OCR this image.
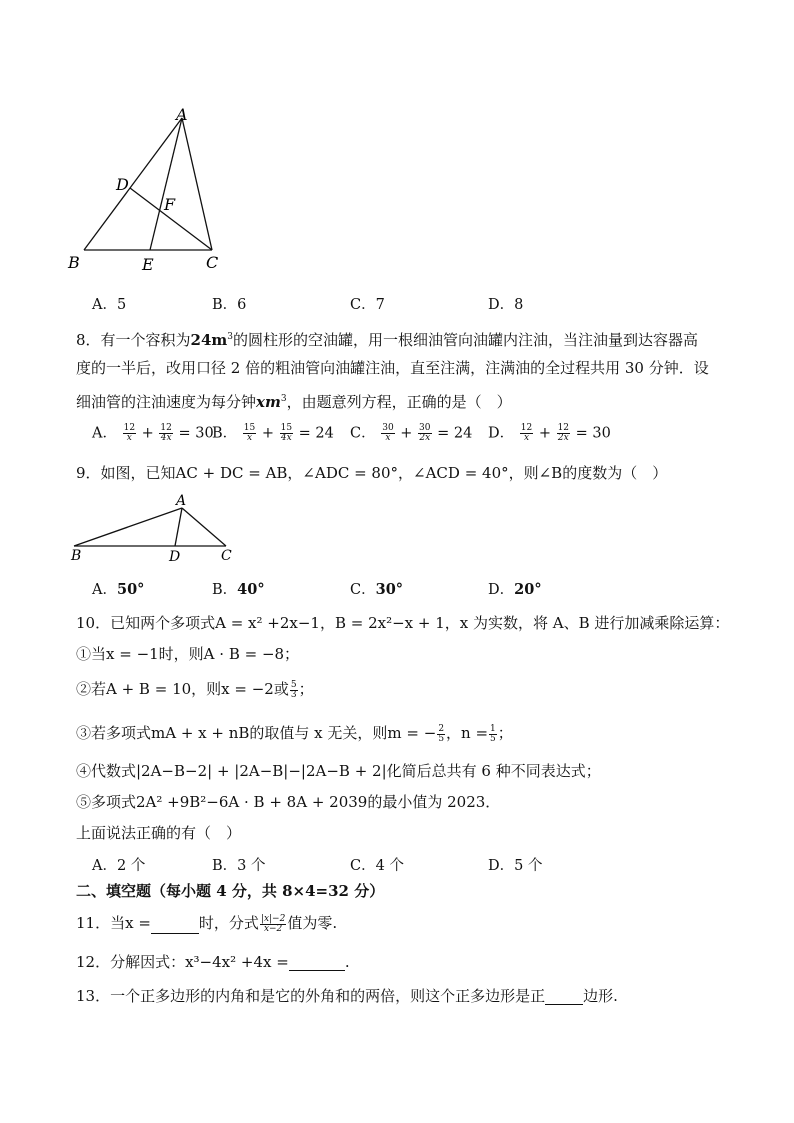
A
B	C
D
E
F
A．5	B．6	C．7	D．8
8．有一个容积为$24m^3$的圆柱形的空油罐，用一根细油管向油罐内注油，当注油量到达容器高
度的一半后，改用口径 2 倍的粗油管向油罐注油，直至注满，注满油的全过程共用 30 分钟．设
细油管的注油速度为每分钟$xm^3$，由题意列方程，正确的是（　）
A． $\frac{12}{x} + \frac{12}{4x} = 30$
B． $\frac{15}{x} + \frac{15}{4x} = 24$ C． $\frac{30}{x} + \frac{30}{2x} = 24$ D． $\frac{12}{x} + \frac{12}{2x} = 30$
9．如图，已知AC + DC = AB，∠ADC = 80°，∠ACD = 40°，则∠B的度数为（　）
A
B	C
D
A．50°	B．40°	C．30°	D．20°
10．已知两个多项式A = x² +2x−1，B = 2x²−x + 1，x 为实数，将 A、B 进行加减乘除运算：
①当x = −1时，则A · B = −8；
②若A + B = 10，则x = −2或 $\frac{5}{3}$ ；
③若多项式mA + x + nB的取值与 x 无关，则m = − $\frac{2}{5}$ ，$n = \frac{1}{5}$ ；
④代数式|2A−B−2| + |2A−B|−|2A−B + 2|化简后总共有 6 种不同表达式；
⑤多项式2A² +9B²−6A · B + 8A + 2039的最小值为 2023．
上面说法正确的有（　）
A．2 个	B．3 个	C．4 个	D．5 个
二、填空题（每小题 4 分，共 8×4=32 分）
11．当x =	时，分式 $\frac{|x|-2}{x-2}$ 值为零.
12．分解因式：x³−4x² +4x =	.
13．一个正多边形的内角和是它的外角和的两倍，则这个正多边形是正	边形.
